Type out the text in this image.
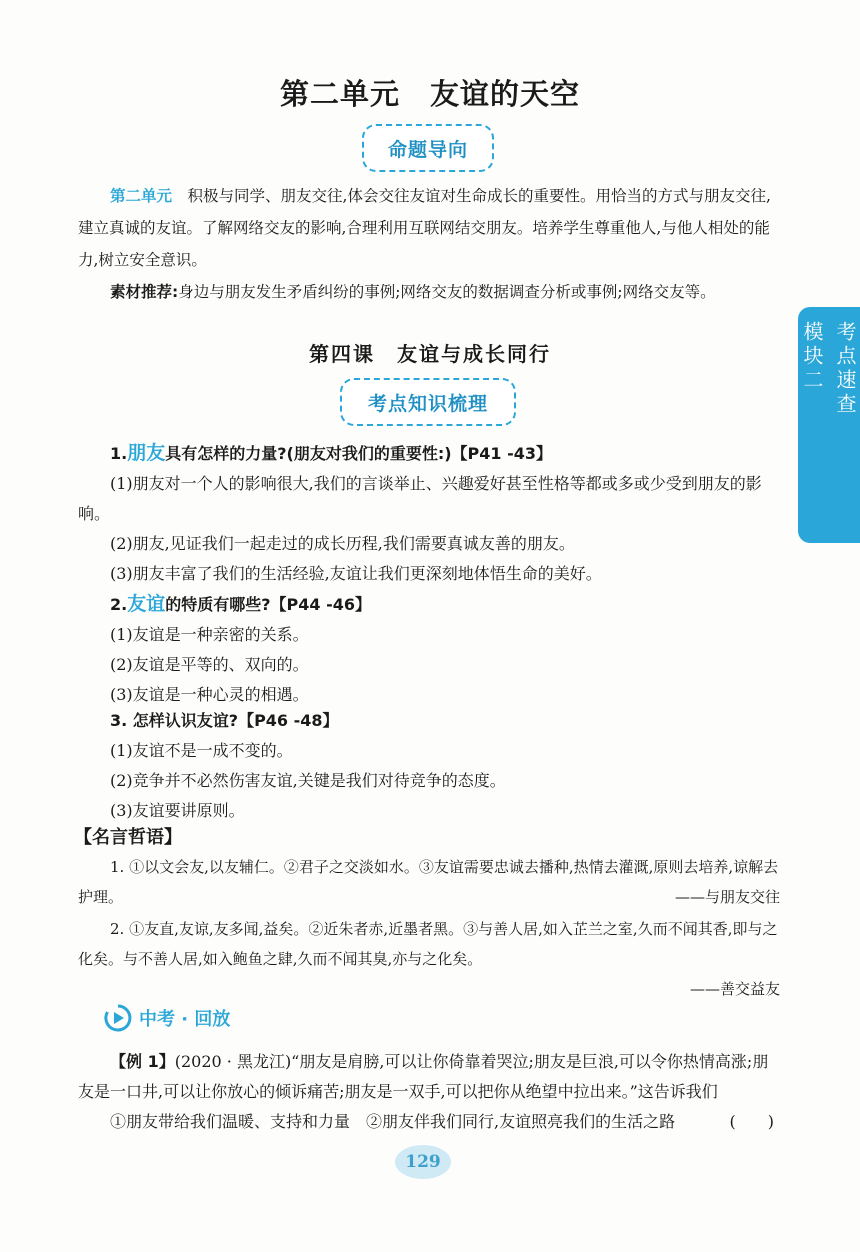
第二单元　友谊的天空
命题导向
第二单元　积极与同学、朋友交往,体会交往友谊对生命成长的重要性。用恰当的方式与朋友交往,建立真诚的友谊。了解网络交友的影响,合理利用互联网结交朋友。培养学生尊重他人,与他人相处的能力,树立安全意识。
素材推荐:身边与朋友发生矛盾纠纷的事例;网络交友的数据调查分析或事例;网络交友等。
第四课　友谊与成长同行
考点知识梳理
模块二 考点速查
1.朋友具有怎样的力量?(朋友对我们的重要性:)【P41 -43】
(1)朋友对一个人的影响很大,我们的言谈举止、兴趣爱好甚至性格等都或多或少受到朋友的影响。
(2)朋友,见证我们一起走过的成长历程,我们需要真诚友善的朋友。
(3)朋友丰富了我们的生活经验,友谊让我们更深刻地体悟生命的美好。
2.友谊的特质有哪些?【P44 -46】
(1)友谊是一种亲密的关系。
(2)友谊是平等的、双向的。
(3)友谊是一种心灵的相遇。
3. 怎样认识友谊?【P46 -48】
(1)友谊不是一成不变的。
(2)竞争并不必然伤害友谊,关键是我们对待竞争的态度。
(3)友谊要讲原则。
【名言哲语】
1. ①以文会友,以友辅仁。②君子之交淡如水。③友谊需要忠诚去播种,热情去灌溉,原则去培养,谅解去护理。	——与朋友交往
2. ①友直,友谅,友多闻,益矣。②近朱者赤,近墨者黑。③与善人居,如入芷兰之室,久而不闻其香,即与之化矣。与不善人居,如入鲍鱼之肆,久而不闻其臭,亦与之化矣。
——善交益友
中考 · 回放
【例 1】(2020 · 黑龙江)“朋友是肩膀,可以让你倚靠着哭泣;朋友是巨浪,可以令你热情高涨;朋友是一口井,可以让你放心的倾诉痛苦;朋友是一双手,可以把你从绝望中拉出来。”这告诉我们
(　　)
①朋友带给我们温暖、支持和力量　②朋友伴我们同行,友谊照亮我们的生活之路
129
